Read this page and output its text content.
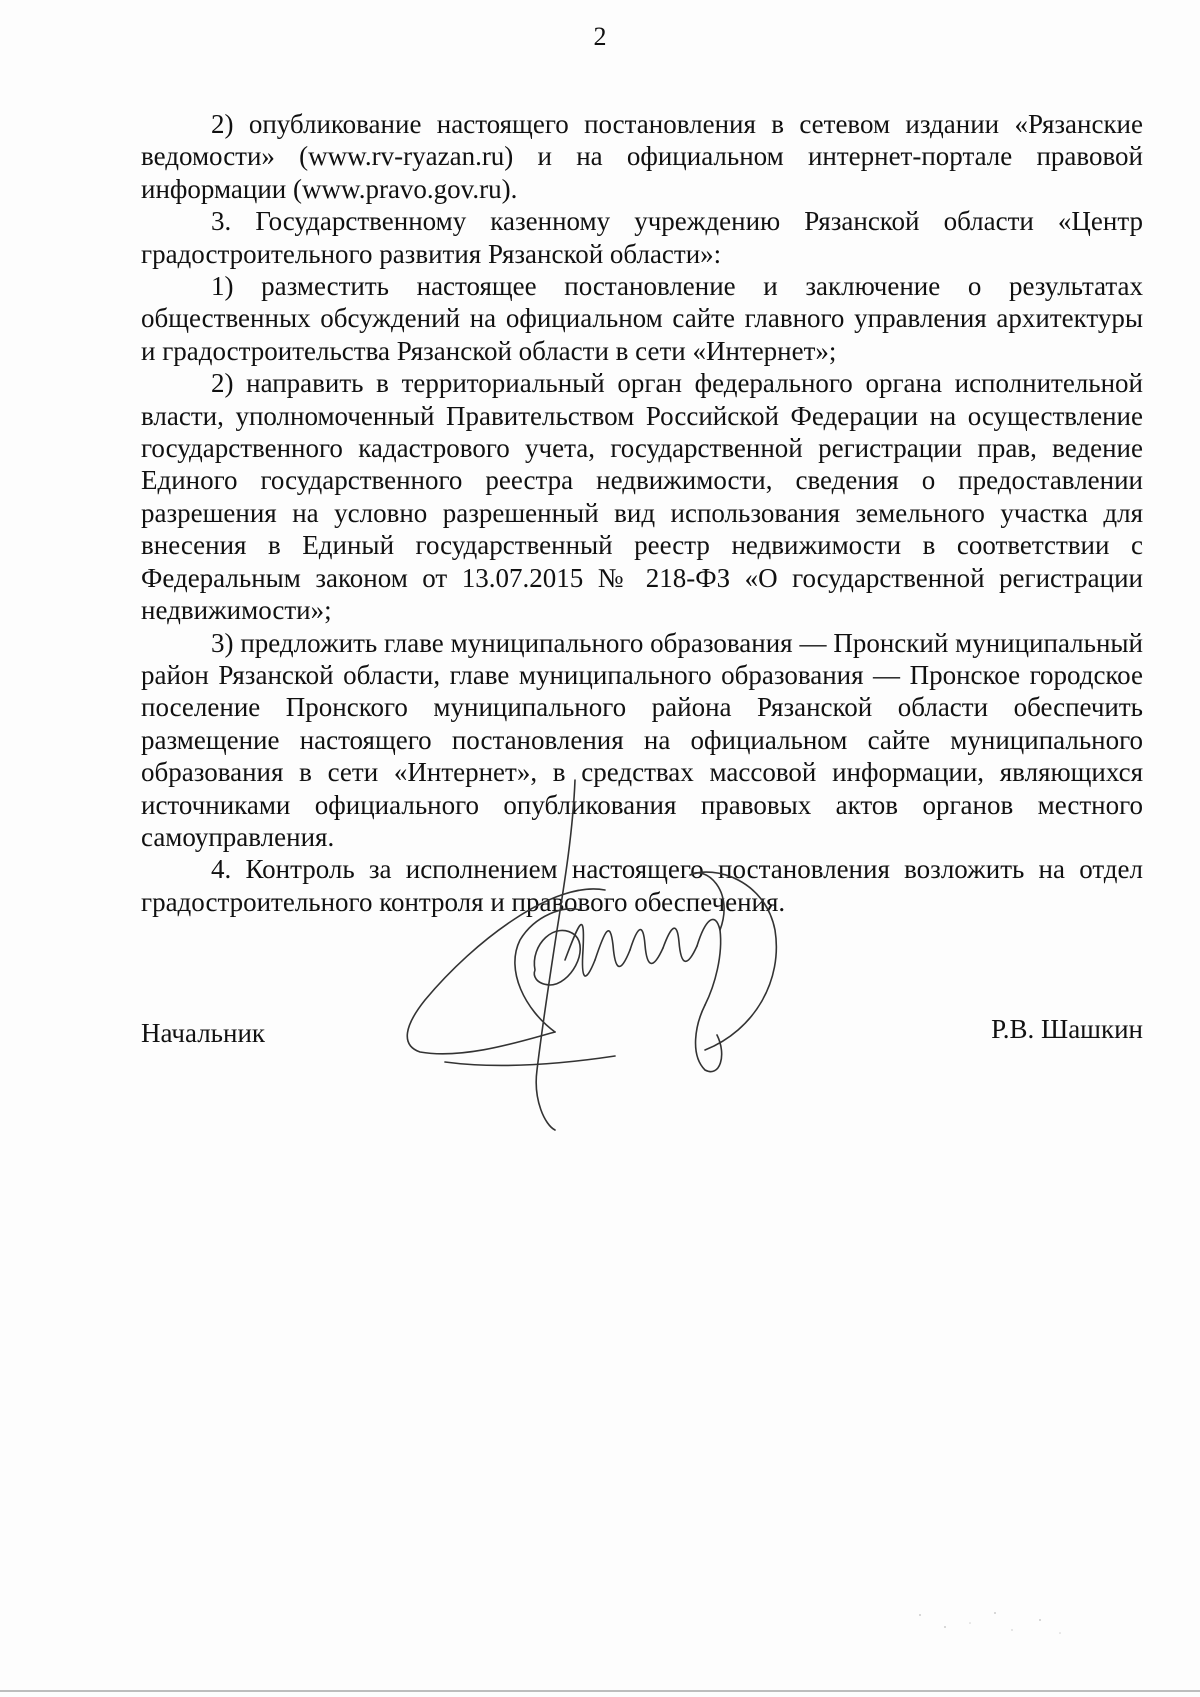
2

2) опубликование настоящего постановления в сетевом издании «Рязанские ведомости» (www.rv-ryazan.ru) и на официальном интернет-портале правовой информации (www.pravo.gov.ru).

3. Государственному казенному учреждению Рязанской области «Центр градостроительного развития Рязанской области»:

1) разместить настоящее постановление и заключение о результатах общественных обсуждений на официальном сайте главного управления архитектуры и градостроительства Рязанской области в сети «Интернет»;

2) направить в территориальный орган федерального органа исполнительной власти, уполномоченный Правительством Российской Федерации на осуществление государственного кадастрового учета, государственной регистрации прав, ведение Единого государственного реестра недвижимости, сведения о предоставлении разрешения на условно разрешенный вид использования земельного участка для внесения в Единый государственный реестр недвижимости в соответствии с Федеральным законом от 13.07.2015 № 218-ФЗ «О государственной регистрации недвижимости»;

3) предложить главе муниципального образования — Пронский муниципальный район Рязанской области, главе муниципального образования — Пронское городское поселение Пронского муниципального района Рязанской области обеспечить размещение настоящего постановления на официальном сайте муниципального образования в сети «Интернет», в средствах массовой информации, являющихся источниками официального опубликования правовых актов органов местного самоуправления.

4. Контроль за исполнением настоящего постановления возложить на отдел градостроительного контроля и правового обеспечения.

Начальник	Р.В. Шашкин
